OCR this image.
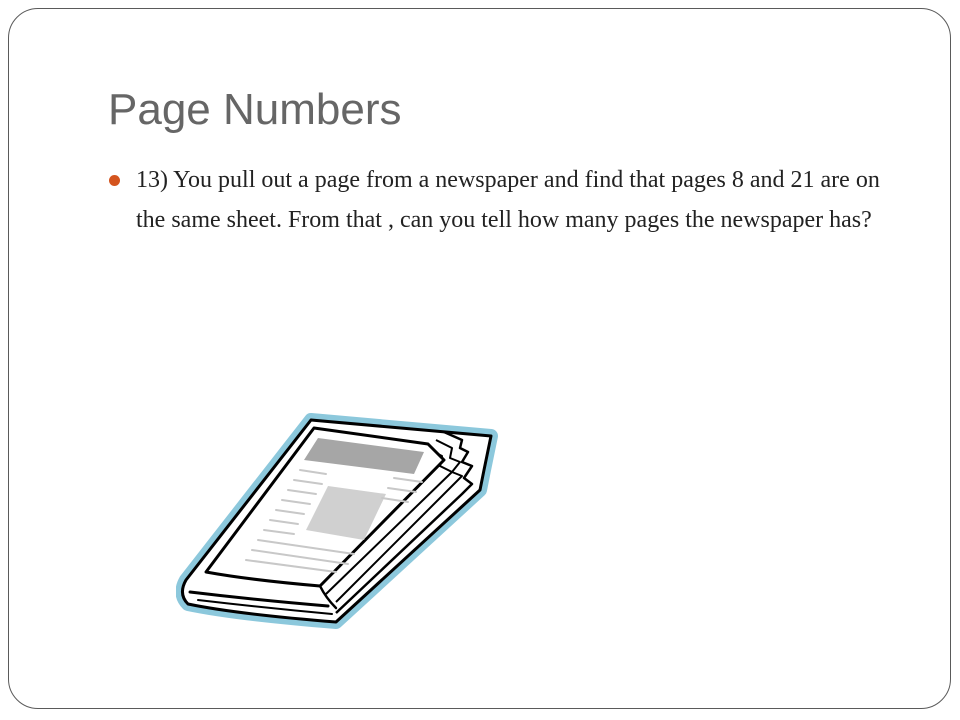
Page Numbers
13) You pull out a page from a newspaper and find that pages 8 and 21 are on the same sheet. From that , can you tell how many pages the newspaper has?
